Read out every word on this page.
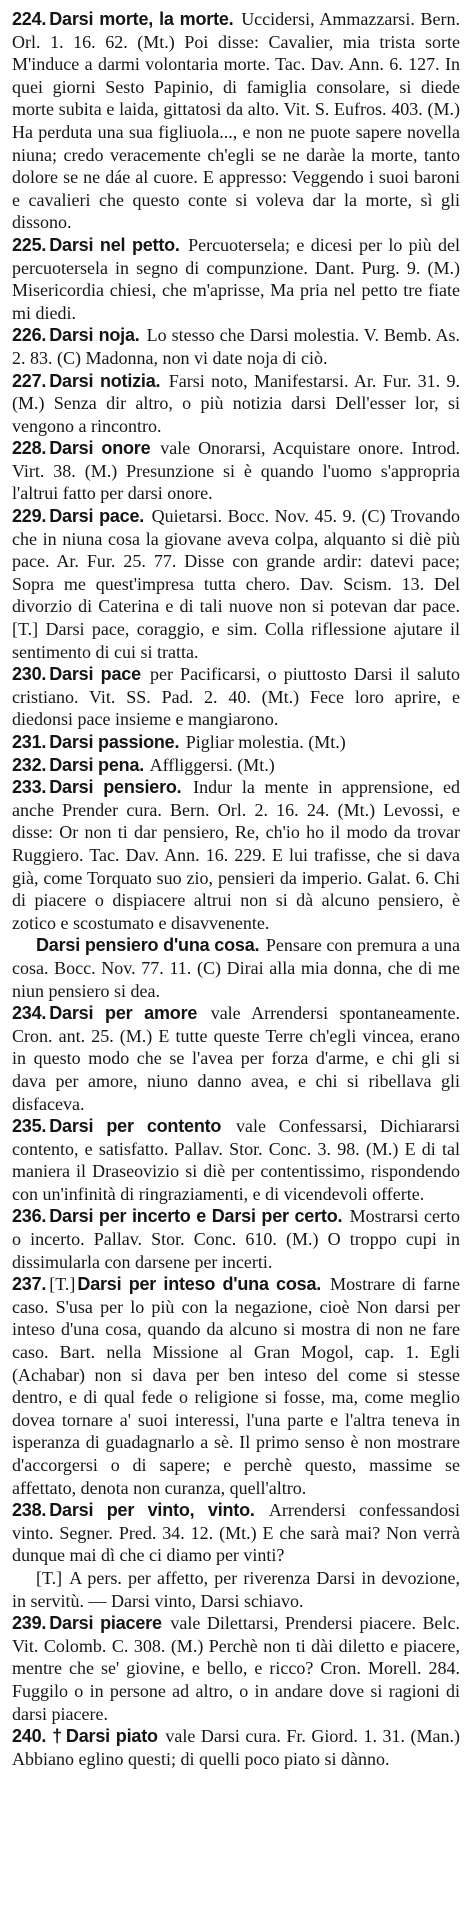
224. Darsi morte, la morte. Uccidersi, Ammazzarsi. Bern. Orl. 1. 16. 62. (Mt.) Poi disse: Cavalier, mia trista sorte M'induce a darmi volontaria morte. Tac. Dav. Ann. 6. 127. In quei giorni Sesto Papinio, di famiglia consolare, si diede morte subita e laida, gittatosi da alto. Vit. S. Eufros. 403. (M.) Ha perduta una sua figliuola..., e non ne puote sapere novella niuna; credo veracemente ch'egli se ne daràe la morte, tanto dolore se ne dáe al cuore. E appresso: Veggendo i suoi baroni e cavalieri che questo conte si voleva dar la morte, sì gli dissono.

225. Darsi nel petto. Percuotersela; e dicesi per lo più del percuotersela in segno di compunzione. Dant. Purg. 9. (M.) Misericordia chiesi, che m'aprisse, Ma pria nel petto tre fiate mi diedi.

226. Darsi noja. Lo stesso che Darsi molestia. V. Bemb. As. 2. 83. (C) Madonna, non vi date noja di ciò.

227. Darsi notizia. Farsi noto, Manifestarsi. Ar. Fur. 31. 9. (M.) Senza dir altro, o più notizia darsi Dell'esser lor, si vengono a rincontro.

228. Darsi onore vale Onorarsi, Acquistare onore. Introd. Virt. 38. (M.) Presunzione si è quando l'uomo s'appropria l'altrui fatto per darsi onore.

229. Darsi pace. Quietarsi. Bocc. Nov. 45. 9. (C) Trovando che in niuna cosa la giovane aveva colpa, alquanto si diè più pace. Ar. Fur. 25. 77. Disse con grande ardir: datevi pace; Sopra me quest'impresa tutta chero. Dav. Scism. 13. Del divorzio di Caterina e di tali nuove non si potevan dar pace. [T.] Darsi pace, coraggio, e sim. Colla riflessione ajutare il sentimento di cui si tratta.

230. Darsi pace per Pacificarsi, o piuttosto Darsi il saluto cristiano. Vit. SS. Pad. 2. 40. (Mt.) Fece loro aprire, e diedonsi pace insieme e mangiarono.

231. Darsi passione. Pigliar molestia. (Mt.)

232. Darsi pena. Affliggersi. (Mt.)

233. Darsi pensiero. Indur la mente in apprensione, ed anche Prender cura. Bern. Orl. 2. 16. 24. (Mt.) Levossi, e disse: Or non ti dar pensiero, Re, ch'io ho il modo da trovar Ruggiero. Tac. Dav. Ann. 16. 229. E lui trafisse, che si dava già, come Torquato suo zio, pensieri da imperio. Galat. 6. Chi di piacere o dispiacere altrui non si dà alcuno pensiero, è zotico e scostumato e disavvenente.

Darsi pensiero d'una cosa. Pensare con premura a una cosa. Bocc. Nov. 77. 11. (C) Dirai alla mia donna, che di me niun pensiero si dea.

234. Darsi per amore vale Arrendersi spontaneamente. Cron. ant. 25. (M.) E tutte queste Terre ch'egli vincea, erano in questo modo che se l'avea per forza d'arme, e chi gli si dava per amore, niuno danno avea, e chi si ribellava gli disfaceva.

235. Darsi per contento vale Confessarsi, Dichiararsi contento, e satisfatto. Pallav. Stor. Conc. 3. 98. (M.) E di tal maniera il Draseovizio si diè per contentissimo, rispondendo con un'infinità di ringraziamenti, e di vicendevoli offerte.

236. Darsi per incerto e Darsi per certo. Mostrarsi certo o incerto. Pallav. Stor. Conc. 610. (M.) O troppo cupi in dissimularla con darsene per incerti.

237. [T.] Darsi per inteso d'una cosa. Mostrare di farne caso. S'usa per lo più con la negazione, cioè Non darsi per inteso d'una cosa, quando da alcuno si mostra di non ne fare caso. Bart. nella Missione al Gran Mogol, cap. 1. Egli (Achabar) non si dava per ben inteso del come si stesse dentro, e di qual fede o religione si fosse, ma, come meglio dovea tornare a' suoi interessi, l'una parte e l'altra teneva in isperanza di guadagnarlo a sè. Il primo senso è non mostrare d'accorgersi o di sapere; e perchè questo, massime se affettato, denota non curanza, quell'altro.

238. Darsi per vinto, vinto. Arrendersi confessandosi vinto. Segner. Pred. 34. 12. (Mt.) E che sarà mai? Non verrà dunque mai dì che ci diamo per vinti?

[T.] A pers. per affetto, per riverenza Darsi in devozione, in servitù. — Darsi vinto, Darsi schiavo.

239. Darsi piacere vale Dilettarsi, Prendersi piacere. Belc. Vit. Colomb. C. 308. (M.) Perchè non ti dài diletto e piacere, mentre che se' giovine, e bello, e ricco? Cron. Morell. 284. Fuggilo o in persone ad altro, o in andare dove si ragioni di darsi piacere.

240. † Darsi piato vale Darsi cura. Fr. Giord. 1. 31. (Man.) Abbiano eglino questi; di quelli poco piato si dànno.
